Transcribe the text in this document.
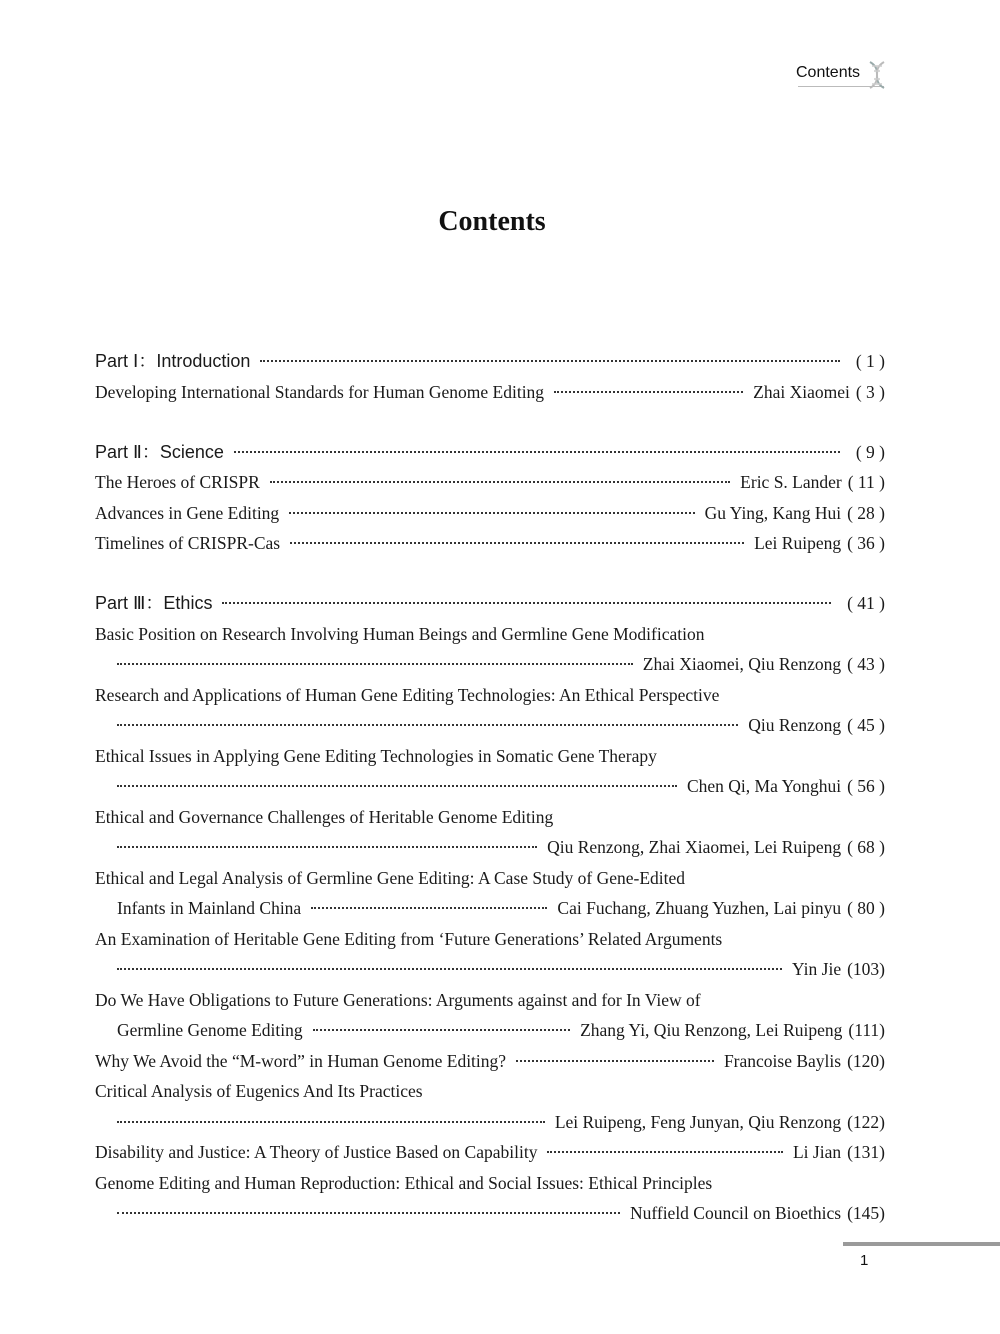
Contents
Contents
Part Ⅰ：Introduction	( 1 )
Developing International Standards for Human Genome Editing	Zhai Xiaomei ( 3 )
Part Ⅱ：Science	( 9 )
The Heroes of CRISPR	Eric S. Lander ( 11 )
Advances in Gene Editing	Gu Ying, Kang Hui ( 28 )
Timelines of CRISPR-Cas	Lei Ruipeng ( 36 )
Part Ⅲ：Ethics	( 41 )
Basic Position on Research Involving Human Beings and Germline Gene Modification
Zhai Xiaomei, Qiu Renzong ( 43 )
Research and Applications of Human Gene Editing Technologies: An Ethical Perspective
Qiu Renzong ( 45 )
Ethical Issues in Applying Gene Editing Technologies in Somatic Gene Therapy
Chen Qi, Ma Yonghui ( 56 )
Ethical and Governance Challenges of Heritable Genome Editing
Qiu Renzong, Zhai Xiaomei, Lei Ruipeng ( 68 )
Ethical and Legal Analysis of Germline Gene Editing: A Case Study of Gene-Edited
Infants in Mainland China	Cai Fuchang, Zhuang Yuzhen, Lai pinyu ( 80 )
An Examination of Heritable Gene Editing from ‘Future Generations’ Related Arguments
Yin Jie (103)
Do We Have Obligations to Future Generations: Arguments against and for In View of
Germline Genome Editing	Zhang Yi, Qiu Renzong, Lei Ruipeng (111)
Why We Avoid the “M-word” in Human Genome Editing?	Francoise Baylis (120)
Critical Analysis of Eugenics And Its Practices
Lei Ruipeng, Feng Junyan, Qiu Renzong (122)
Disability and Justice: A Theory of Justice Based on Capability	Li Jian (131)
Genome Editing and Human Reproduction: Ethical and Social Issues: Ethical Principles
Nuffield Council on Bioethics (145)
1
